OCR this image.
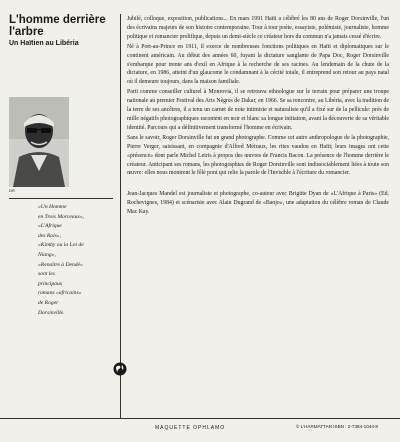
L'homme derrière l'arbre
Un Haïtien au Libéria
DR
«Un Homme
en Trois Morceaux»,
«L'Afrique
des Rois»,
«Kimby ou la Loi de
Niang»,
«Renaître à Dendé»
sont les
principaux
romans «africains»
de Roger
Dorsinville.

Jubilé, colloque, exposition, publications... En mars 1991 Haïti a célébré les 80 ans de Roger Dorsinville, l'un des écrivains majeurs de son histoire contemporaine. Tour à tour poète, essayiste, polémiste, journaliste, homme politique et romancier prolifique, depuis un demi-siècle ce créateur hors du commun n'a jamais cessé d'écrire.

Né à Port-au-Prince en 1911, il exerce de nombreuses fonctions politiques en Haïti et diplomatiques sur le continent américain. Au début des années 60, fuyant la dictature sanglante de Papa Doc, Roger Dorsinville s'embarque pour trente ans d'exil en Afrique à la recherche de ses racines. Au lendemain de la chute de la dictature, en 1986, atteint d'un glaucome le condamnant à la cécité totale, il entreprend son retour au pays natal où il demeure toujours, dans la maison familiale.

Parti comme conseiller culturel à Monrovia, il se retrouva ethnologue sur le terrain pour préparer une troupe nationale au premier Festival des Arts Nègres de Dakar, en 1966. Se sa rencontre, au Libéria, avec la tradition de la terre de ses ancêtres, il a tenu un carnet de note intimiste et naturaliste qu'il a fixé sur de la pellicule: près de mille négatifs photographiques racontent en noir et blanc sa longue initiation, avant la découverte de sa véritable identité. Parcours qui a définitivement transformé l'homme en écrivain.

Sans le savoir, Roger Dorsinville fut un grand photographe. Comme cet autre anthropologue de la photographie, Pierre Verger, saisissant, en compagnie d'Alfred Métraux, les rites vaudou en Haïti; leurs images ont cette «présence» dont parle Michel Leiris à propos des œuvres de Francis Bacon. La présence de l'homme derrière le créateur. Anticipant ses romans, les photographies de Roger Dorsinville sont indissociablement liées à toute son œuvre: elles nous montrent le fêlé pont qui relie la parole de l'Invisible à l'écriture du romancier.

Jean-Jacques Mandel est journaliste et photographe, co-auteur avec Brigitte Dyan de «L'Afrique à Paris» (Ed. Rochevignes, 1984) et scénariste avec Alain Dugrand de «Banjo», une adaptation du célèbre roman de Claude Mac Kay.

MAQUETTE OPHLAMO	© L'HARMATTAN ISBN : 2-7384-1044-8
